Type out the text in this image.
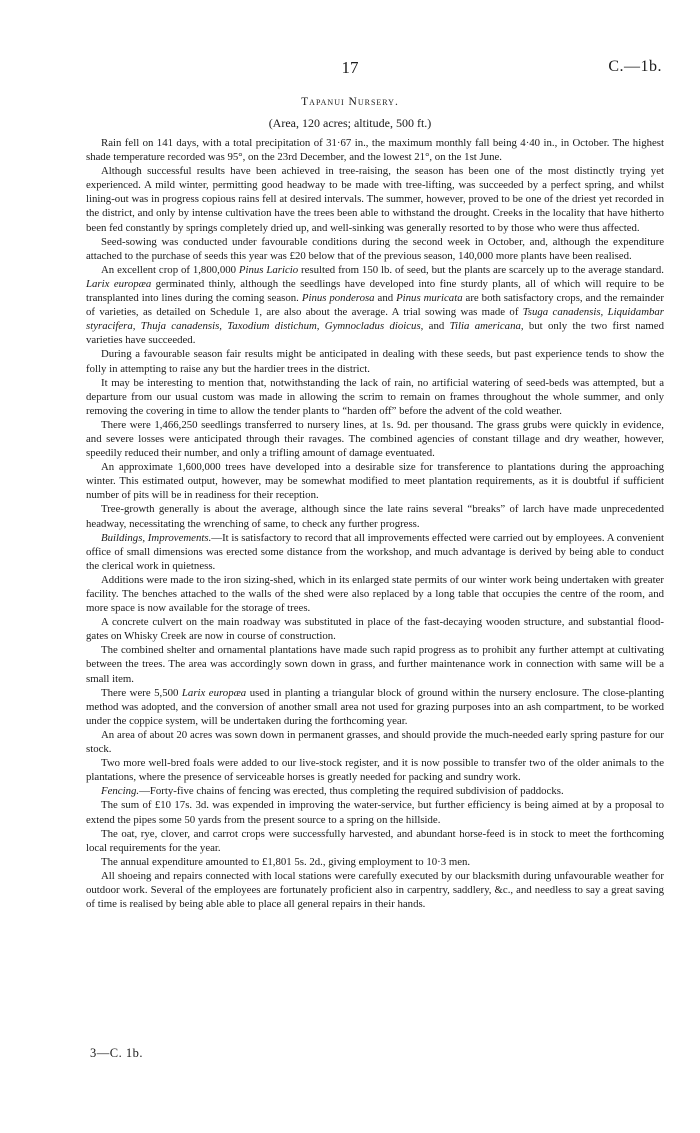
17	C.—1b.
Tapanui Nursery.
(Area, 120 acres; altitude, 500 ft.)

Rain fell on 141 days, with a total precipitation of 31·67 in., the maximum monthly fall being 4·40 in., in October. The highest shade temperature recorded was 95°, on the 23rd December, and the lowest 21°, on the 1st June.

Although successful results have been achieved in tree-raising, the season has been one of the most distinctly trying yet experienced. A mild winter, permitting good headway to be made with tree-lifting, was succeeded by a perfect spring, and whilst lining-out was in progress copious rains fell at desired intervals. The summer, however, proved to be one of the driest yet recorded in the district, and only by intense cultivation have the trees been able to withstand the drought. Creeks in the locality that have hitherto been fed constantly by springs completely dried up, and well-sinking was generally resorted to by those who were thus affected.

Seed-sowing was conducted under favourable conditions during the second week in October, and, although the expenditure attached to the purchase of seeds this year was £20 below that of the previous season, 140,000 more plants have been realised.

An excellent crop of 1,800,000 Pinus Laricio resulted from 150 lb. of seed, but the plants are scarcely up to the average standard. Larix europæa germinated thinly, although the seedlings have developed into fine sturdy plants, all of which will require to be transplanted into lines during the coming season. Pinus ponderosa and Pinus muricata are both satisfactory crops, and the remainder of varieties, as detailed on Schedule 1, are also about the average. A trial sowing was made of Tsuga canadensis, Liquidambar styracifera, Thuja canadensis, Taxodium distichum, Gymnocladus dioicus, and Tilia americana, but only the two first named varieties have succeeded.

During a favourable season fair results might be anticipated in dealing with these seeds, but past experience tends to show the folly in attempting to raise any but the hardier trees in the district.

It may be interesting to mention that, notwithstanding the lack of rain, no artificial watering of seed-beds was attempted, but a departure from our usual custom was made in allowing the scrim to remain on frames throughout the whole summer, and only removing the covering in time to allow the tender plants to “harden off” before the advent of the cold weather.

There were 1,466,250 seedlings transferred to nursery lines, at 1s. 9d. per thousand. The grass grubs were quickly in evidence, and severe losses were anticipated through their ravages. The combined agencies of constant tillage and dry weather, however, speedily reduced their number, and only a trifling amount of damage eventuated.

An approximate 1,600,000 trees have developed into a desirable size for transference to plantations during the approaching winter. This estimated output, however, may be somewhat modified to meet plantation requirements, as it is doubtful if sufficient number of pits will be in readiness for their reception.

Tree-growth generally is about the average, although since the late rains several “breaks” of larch have made unprecedented headway, necessitating the wrenching of same, to check any further progress.

Buildings, Improvements.—It is satisfactory to record that all improvements effected were carried out by employees. A convenient office of small dimensions was erected some distance from the workshop, and much advantage is derived by being able to conduct the clerical work in quietness.

Additions were made to the iron sizing-shed, which in its enlarged state permits of our winter work being undertaken with greater facility. The benches attached to the walls of the shed were also replaced by a long table that occupies the centre of the room, and more space is now available for the storage of trees.

A concrete culvert on the main roadway was substituted in place of the fast-decaying wooden structure, and substantial flood-gates on Whisky Creek are now in course of construction.

The combined shelter and ornamental plantations have made such rapid progress as to prohibit any further attempt at cultivating between the trees. The area was accordingly sown down in grass, and further maintenance work in connection with same will be a small item.

There were 5,500 Larix europæa used in planting a triangular block of ground within the nursery enclosure. The close-planting method was adopted, and the conversion of another small area not used for grazing purposes into an ash compartment, to be worked under the coppice system, will be undertaken during the forthcoming year.

An area of about 20 acres was sown down in permanent grasses, and should provide the much-needed early spring pasture for our stock.

Two more well-bred foals were added to our live-stock register, and it is now possible to transfer two of the older animals to the plantations, where the presence of serviceable horses is greatly needed for packing and sundry work.

Fencing.—Forty-five chains of fencing was erected, thus completing the required subdivision of paddocks.

The sum of £10 17s. 3d. was expended in improving the water-service, but further efficiency is being aimed at by a proposal to extend the pipes some 50 yards from the present source to a spring on the hillside.

The oat, rye, clover, and carrot crops were successfully harvested, and abundant horse-feed is in stock to meet the forthcoming local requirements for the year.

The annual expenditure amounted to £1,801 5s. 2d., giving employment to 10·3 men.

All shoeing and repairs connected with local stations were carefully executed by our blacksmith during unfavourable weather for outdoor work. Several of the employees are fortunately proficient also in carpentry, saddlery, &c., and needless to say a great saving of time is realised by being able able to place all general repairs in their hands.

3—C. 1b.
